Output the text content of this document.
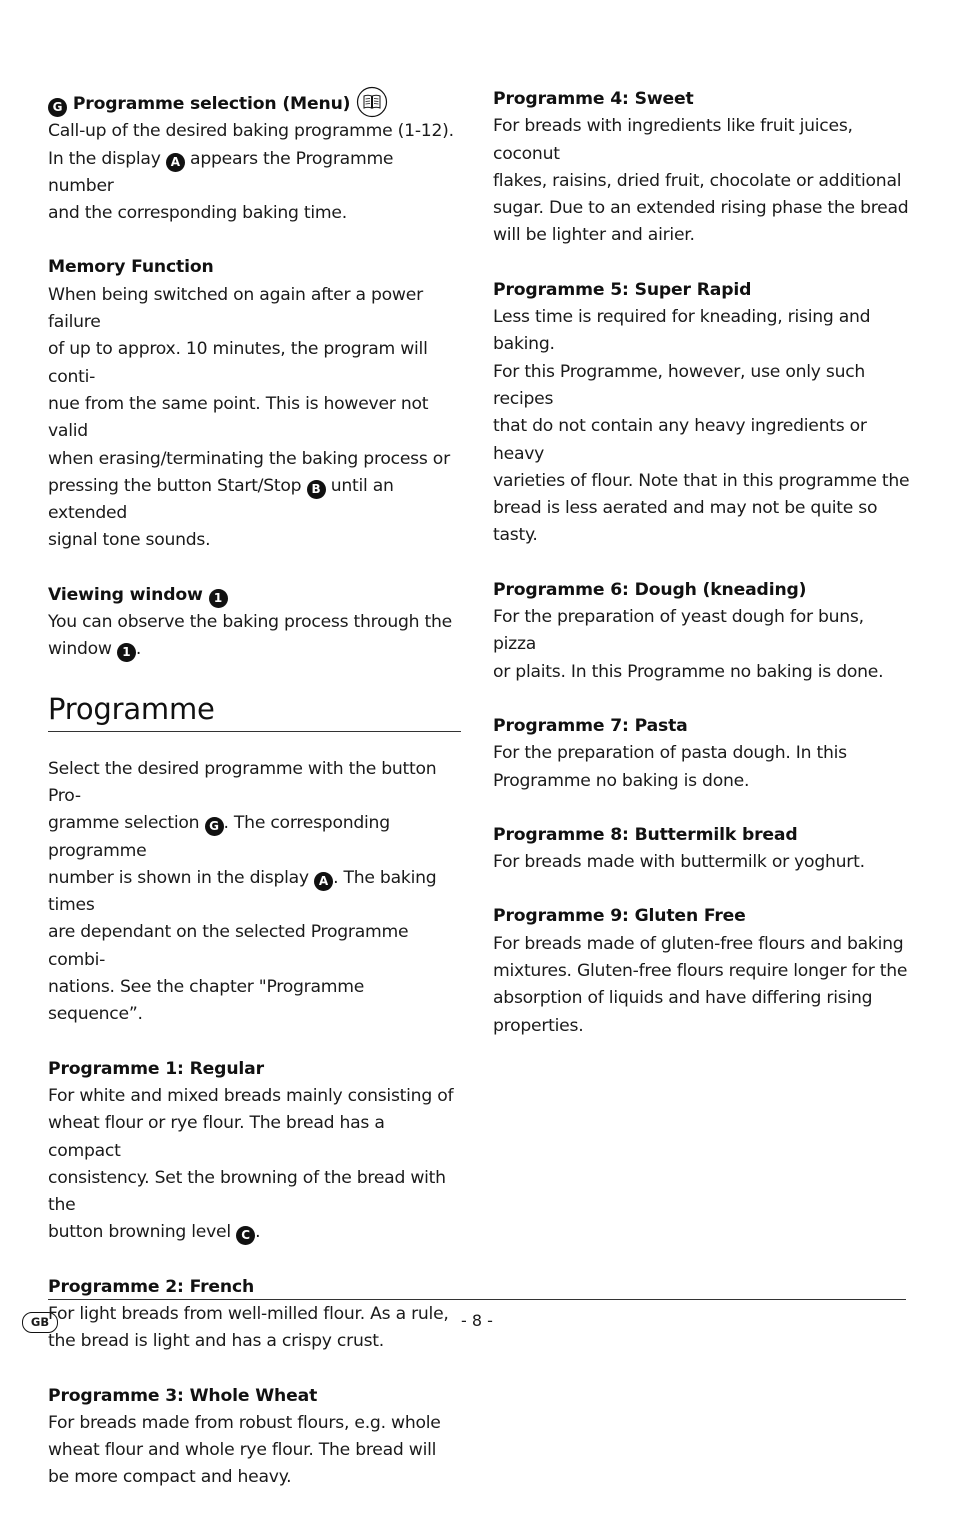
G Programme selection (Menu)

Call-up of the desired baking programme (1-12).
In the display A appears the Programme number
and the corresponding baking time.

Memory Function

When being switched on again after a power failure
of up to approx. 10 minutes, the program will conti-
nue from the same point. This is however not valid
when erasing/terminating the baking process or
pressing the button Start/Stop B until an extended
signal tone sounds.

Viewing window 1

You can observe the baking process through the
window 1 .

Programme

Select the desired programme with the button Pro-
gramme selection G . The corresponding programme
number is shown in the display A . The baking times
are dependant on the selected Programme combi-
nations. See the chapter "Programme sequence”.

Programme 1: Regular

For white and mixed breads mainly consisting of
wheat flour or rye flour. The bread has a compact
consistency. Set the browning of the bread with the
button browning level C .

Programme 2: French

For light breads from well-milled flour. As a rule,
the bread is light and has a crispy crust.

Programme 3: Whole Wheat

For breads made from robust flours, e.g. whole
wheat flour and whole rye flour. The bread will
be more compact and heavy.

Programme 4: Sweet

For breads with ingredients like fruit juices, coconut
flakes, raisins, dried fruit, chocolate or additional
sugar. Due to an extended rising phase the bread
will be lighter and airier.

Programme 5: Super Rapid

Less time is required for kneading, rising and baking.
For this Programme, however, use only such recipes
that do not contain any heavy ingredients or heavy
varieties of flour. Note that in this programme the
bread is less aerated and may not be quite so
tasty.

Programme 6: Dough (kneading)

For the preparation of yeast dough for buns, pizza
or plaits. In this Programme no baking is done.

Programme 7: Pasta

For the preparation of pasta dough. In this
Programme no baking is done.

Programme 8: Buttermilk bread

For breads made with buttermilk or yoghurt.

Programme 9: Gluten Free

For breads made of gluten-free flours and baking
mixtures. Gluten-free flours require longer for the
absorption of liquids and have differing rising
properties.

GB	- 8 -
